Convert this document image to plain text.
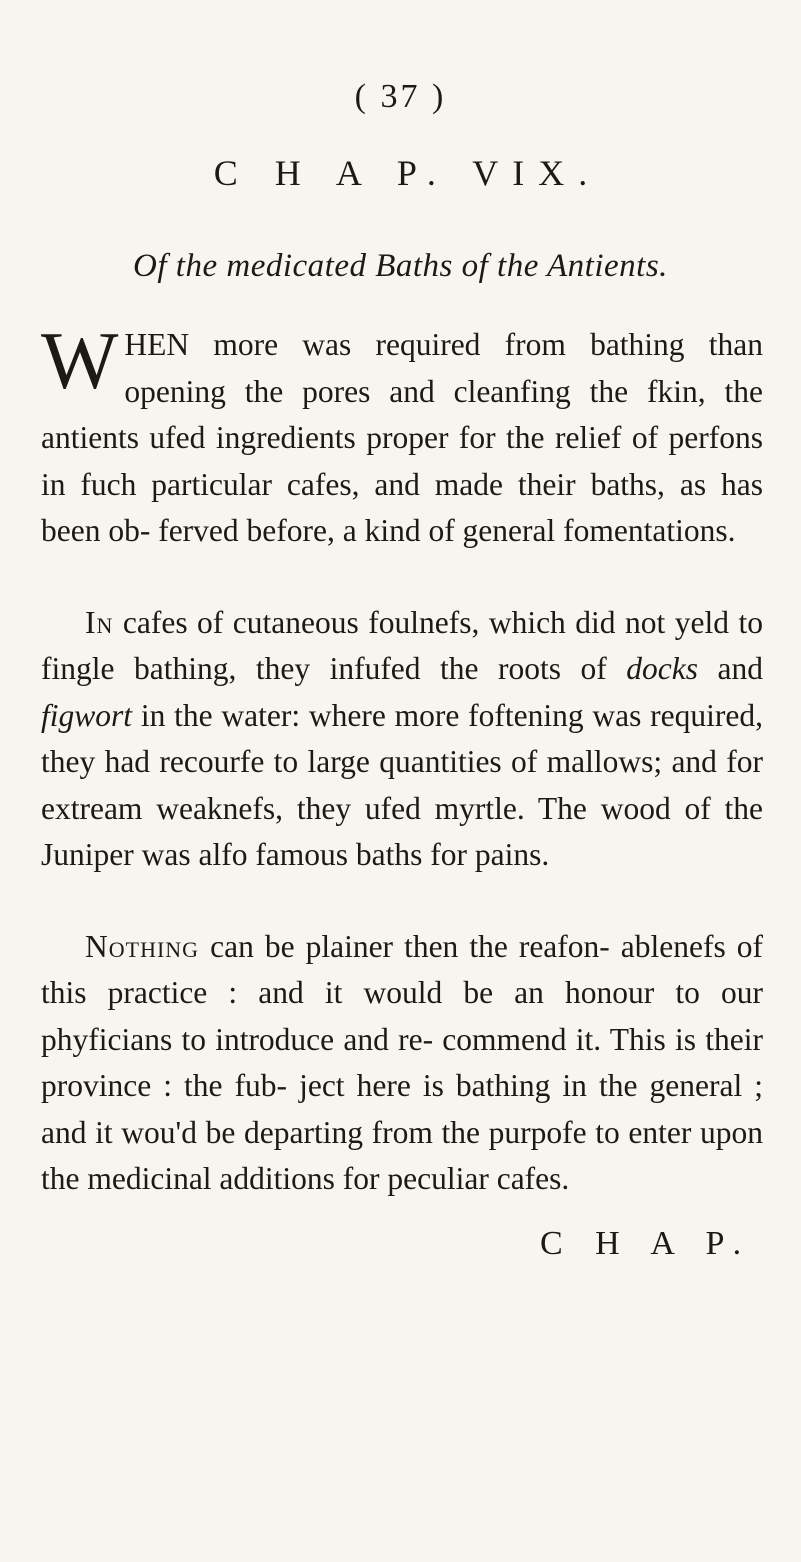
( 37 )
C H A P. VIX.
Of the medicated Baths of the Antients.

WHEN more was required from bathing than opening the pores and cleanfing the fkin, the antients ufed ingredients proper for the relief of perfons in fuch particular cafes, and made their baths, as has been ob- ferved before, a kind of general fomentations.

In cafes of cutaneous foulnefs, which did not yeld to fingle bathing, they infufed the roots of docks and figwort in the water: where more foftening was required, they had recourfe to large quantities of mallows; and for extream weaknefs, they ufed myrtle. The wood of the Juniper was alfo famous baths for pains.

Nothing can be plainer then the reafon- ablenefs of this practice : and it would be an honour to our phyficians to introduce and re- commend it. This is their province : the fub- ject here is bathing in the general ; and it wou'd be departing from the purpofe to enter upon the medicinal additions for peculiar cafes.

C H A P.
